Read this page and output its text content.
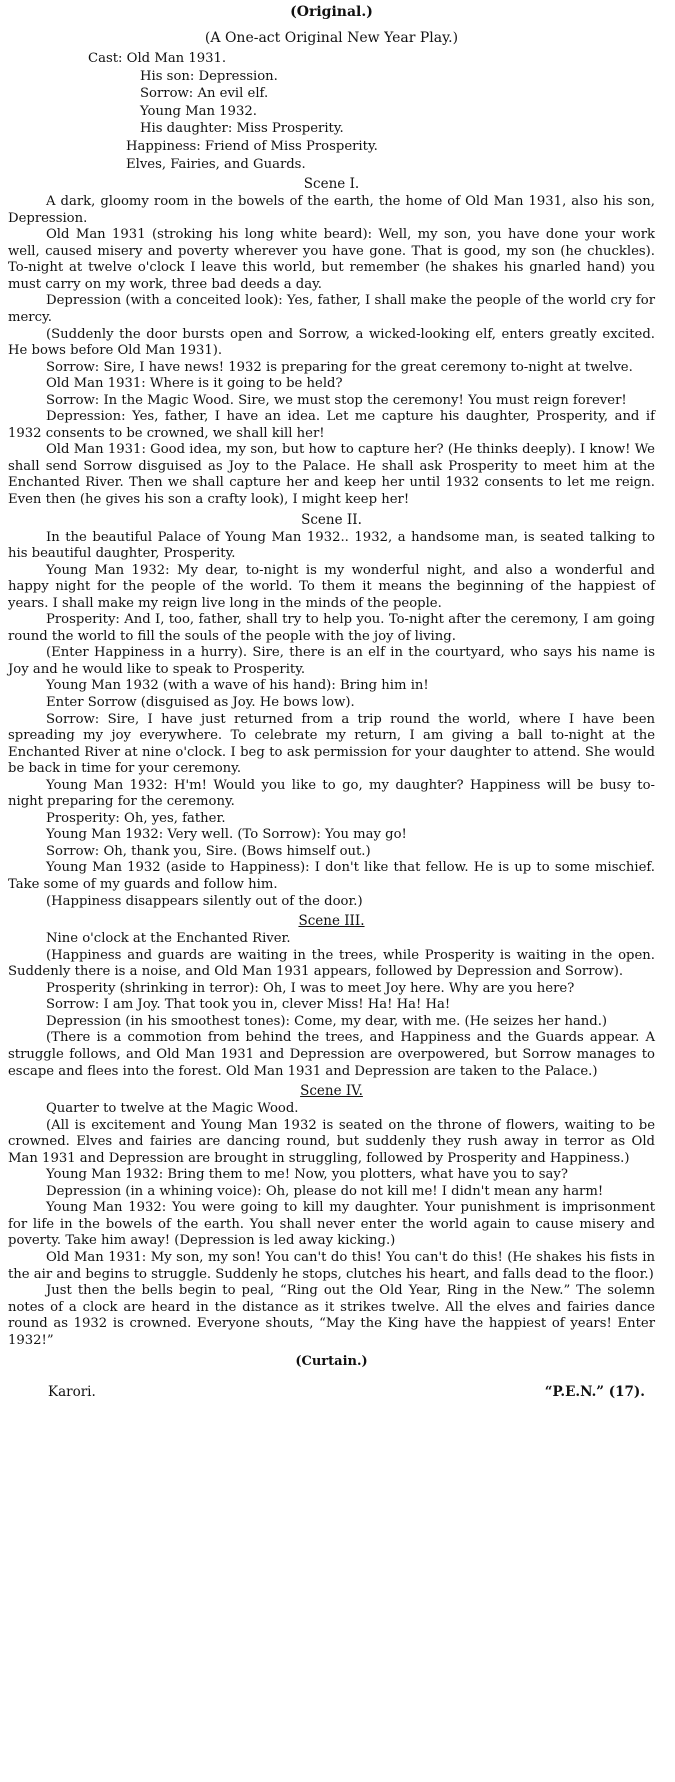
(Original.)
(A One-act Original New Year Play.)
Cast: Old Man 1931.
His son: Depression.
Sorrow: An evil elf.
Young Man 1932.
His daughter: Miss Prosperity.
Happiness: Friend of Miss Prosperity.
Elves, Fairies, and Guards.
Scene I.

A dark, gloomy room in the bowels of the earth, the home of Old Man 1931, also his son, Depression.

Old Man 1931 (stroking his long white beard): Well, my son, you have done your work well, caused misery and poverty wherever you have gone. That is good, my son (he chuckles). To-night at twelve o'clock I leave this world, but remember (he shakes his gnarled hand) you must carry on my work, three bad deeds a day.

Depression (with a conceited look): Yes, father, I shall make the people of the world cry for mercy.

(Suddenly the door bursts open and Sorrow, a wicked-looking elf, enters greatly excited. He bows before Old Man 1931).

Sorrow: Sire, I have news! 1932 is preparing for the great ceremony to-night at twelve.

Old Man 1931: Where is it going to be held?

Sorrow: In the Magic Wood. Sire, we must stop the ceremony! You must reign forever!

Depression: Yes, father, I have an idea. Let me capture his daughter, Prosperity, and if 1932 consents to be crowned, we shall kill her!

Old Man 1931: Good idea, my son, but how to capture her? (He thinks deeply). I know! We shall send Sorrow disguised as Joy to the Palace. He shall ask Prosperity to meet him at the Enchanted River. Then we shall capture her and keep her until 1932 consents to let me reign. Even then (he gives his son a crafty look), I might keep her!

Scene II.

In the beautiful Palace of Young Man 1932.. 1932, a handsome man, is seated talking to his beautiful daughter, Prosperity.

Young Man 1932: My dear, to-night is my wonderful night, and also a wonderful and happy night for the people of the world. To them it means the beginning of the happiest of years. I shall make my reign live long in the minds of the people.

Prosperity: And I, too, father, shall try to help you. To-night after the ceremony, I am going round the world to fill the souls of the people with the joy of living.

(Enter Happiness in a hurry). Sire, there is an elf in the courtyard, who says his name is Joy and he would like to speak to Prosperity.

Young Man 1932 (with a wave of his hand): Bring him in!

Enter Sorrow (disguised as Joy. He bows low).

Sorrow: Sire, I have just returned from a trip round the world, where I have been spreading my joy everywhere. To celebrate my return, I am giving a ball to-night at the Enchanted River at nine o'clock. I beg to ask permission for your daughter to attend. She would be back in time for your ceremony.

Young Man 1932: H'm! Would you like to go, my daughter? Happiness will be busy to-night preparing for the ceremony.

Prosperity: Oh, yes, father.

Young Man 1932: Very well. (To Sorrow): You may go!

Sorrow: Oh, thank you, Sire. (Bows himself out.)

Young Man 1932 (aside to Happiness): I don't like that fellow. He is up to some mischief. Take some of my guards and follow him.

(Happiness disappears silently out of the door.)

Scene III.

Nine o'clock at the Enchanted River.

(Happiness and guards are waiting in the trees, while Prosperity is waiting in the open. Suddenly there is a noise, and Old Man 1931 appears, followed by Depression and Sorrow).

Prosperity (shrinking in terror): Oh, I was to meet Joy here. Why are you here?

Sorrow: I am Joy. That took you in, clever Miss! Ha! Ha! Ha!

Depression (in his smoothest tones): Come, my dear, with me. (He seizes her hand.)

(There is a commotion from behind the trees, and Happiness and the Guards appear. A struggle follows, and Old Man 1931 and Depression are overpowered, but Sorrow manages to escape and flees into the forest. Old Man 1931 and Depression are taken to the Palace.)

Scene IV.

Quarter to twelve at the Magic Wood.

(All is excitement and Young Man 1932 is seated on the throne of flowers, waiting to be crowned. Elves and fairies are dancing round, but suddenly they rush away in terror as Old Man 1931 and Depression are brought in struggling, followed by Prosperity and Happiness.)

Young Man 1932: Bring them to me! Now, you plotters, what have you to say?

Depression (in a whining voice): Oh, please do not kill me! I didn't mean any harm!

Young Man 1932: You were going to kill my daughter. Your punishment is imprisonment for life in the bowels of the earth. You shall never enter the world again to cause misery and poverty. Take him away! (Depression is led away kicking.)

Old Man 1931: My son, my son! You can't do this! You can't do this! (He shakes his fists in the air and begins to struggle. Suddenly he stops, clutches his heart, and falls dead to the floor.)

Just then the bells begin to peal, “Ring out the Old Year, Ring in the New.” The solemn notes of a clock are heard in the distance as it strikes twelve. All the elves and fairies dance round as 1932 is crowned. Everyone shouts, “May the King have the happiest of years! Enter 1932!”

(Curtain.)
Karori.	“P.E.N.” (17).
